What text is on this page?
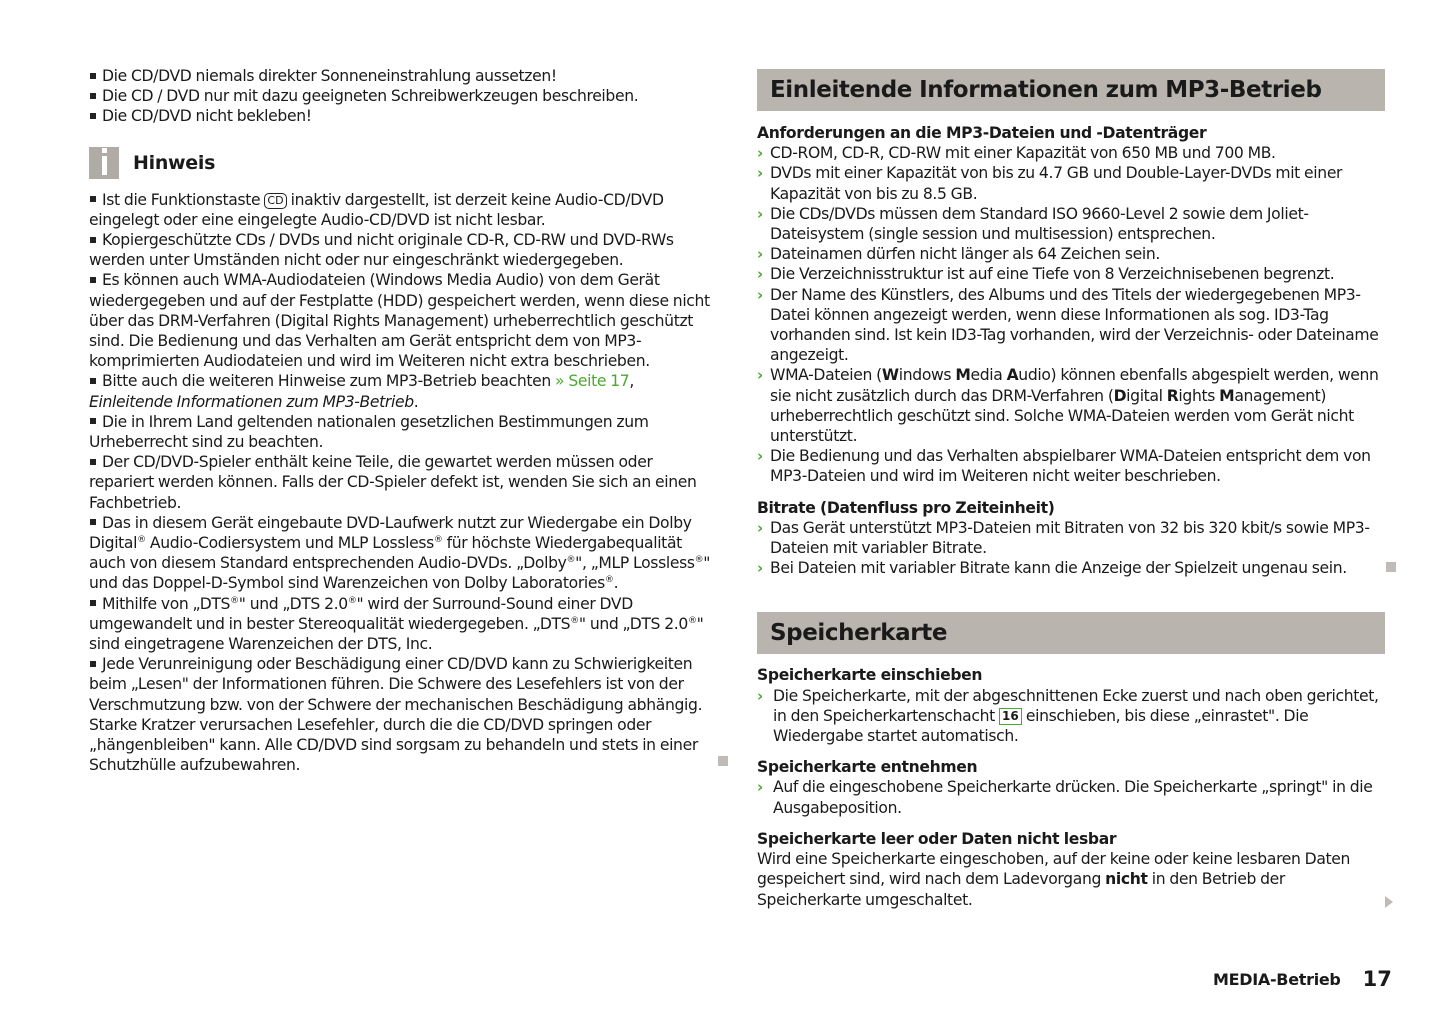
Die CD/DVD niemals direkter Sonneneinstrahlung aussetzen!

Die CD / DVD nur mit dazu geeigneten Schreibwerkzeugen beschreiben.

Die CD/DVD nicht bekleben!

Hinweis

Ist die Funktionstaste CD inaktiv dargestellt, ist derzeit keine Audio-CD/DVD eingelegt oder eine eingelegte Audio-CD/DVD ist nicht lesbar.

Kopiergeschützte CDs / DVDs und nicht originale CD-R, CD-RW und DVD-RWs werden unter Umständen nicht oder nur eingeschränkt wiedergegeben.

Es können auch WMA-Audiodateien (Windows Media Audio) von dem Gerät wiedergegeben und auf der Festplatte (HDD) gespeichert werden, wenn diese nicht über das DRM-Verfahren (Digital Rights Management) urheberrechtlich geschützt sind. Die Bedienung und das Verhalten am Gerät entspricht dem von MP3-komprimierten Audiodateien und wird im Weiteren nicht extra beschrieben.

Bitte auch die weiteren Hinweise zum MP3-Betrieb beachten » Seite 17, Einleitende Informationen zum MP3-Betrieb.

Die in Ihrem Land geltenden nationalen gesetzlichen Bestimmungen zum Urheberrecht sind zu beachten.

Der CD/DVD-Spieler enthält keine Teile, die gewartet werden müssen oder repariert werden können. Falls der CD-Spieler defekt ist, wenden Sie sich an einen Fachbetrieb.

Das in diesem Gerät eingebaute DVD-Laufwerk nutzt zur Wiedergabe ein Dolby Digital® Audio-Codiersystem und MLP Lossless® für höchste Wiedergabequalität auch von diesem Standard entsprechenden Audio-DVDs. „Dolby®", „MLP Lossless®" und das Doppel-D-Symbol sind Warenzeichen von Dolby Laboratories®.

Mithilfe von „DTS®" und „DTS 2.0®" wird der Surround-Sound einer DVD umgewandelt und in bester Stereoqualität wiedergegeben. „DTS®" und „DTS 2.0®" sind eingetragene Warenzeichen der DTS, Inc.

Jede Verunreinigung oder Beschädigung einer CD/DVD kann zu Schwierigkeiten beim „Lesen" der Informationen führen. Die Schwere des Lesefehlers ist von der Verschmutzung bzw. von der Schwere der mechanischen Beschädigung abhängig. Starke Kratzer verursachen Lesefehler, durch die die CD/DVD springen oder „hängenbleiben" kann. Alle CD/DVD sind sorgsam zu behandeln und stets in einer Schutzhülle aufzubewahren.

Einleitende Informationen zum MP3-Betrieb

Anforderungen an die MP3-Dateien und -Datenträger

› CD-ROM, CD-R, CD-RW mit einer Kapazität von 650 MB und 700 MB.
› DVDs mit einer Kapazität von bis zu 4.7 GB und Double-Layer-DVDs mit einer Kapazität von bis zu 8.5 GB.
› Die CDs/DVDs müssen dem Standard ISO 9660-Level 2 sowie dem Joliet-Dateisystem (single session und multisession) entsprechen.
› Dateinamen dürfen nicht länger als 64 Zeichen sein.
› Die Verzeichnisstruktur ist auf eine Tiefe von 8 Verzeichnisebenen begrenzt.
› Der Name des Künstlers, des Albums und des Titels der wiedergegebenen MP3-Datei können angezeigt werden, wenn diese Informationen als sog. ID3-Tag vorhanden sind. Ist kein ID3-Tag vorhanden, wird der Verzeichnis- oder Dateiname angezeigt.
› WMA-Dateien (Windows Media Audio) können ebenfalls abgespielt werden, wenn sie nicht zusätzlich durch das DRM-Verfahren (Digital Rights Management) urheberrechtlich geschützt sind. Solche WMA-Dateien werden vom Gerät nicht unterstützt.
› Die Bedienung und das Verhalten abspielbarer WMA-Dateien entspricht dem von MP3-Dateien und wird im Weiteren nicht weiter beschrieben.

Bitrate (Datenfluss pro Zeiteinheit)

› Das Gerät unterstützt MP3-Dateien mit Bitraten von 32 bis 320 kbit/s sowie MP3-Dateien mit variabler Bitrate.
› Bei Dateien mit variabler Bitrate kann die Anzeige der Spielzeit ungenau sein.
Speicherkarte

Speicherkarte einschieben

› Die Speicherkarte, mit der abgeschnittenen Ecke zuerst und nach oben gerichtet, in den Speicherkartenschacht 16 einschieben, bis diese „einrastet". Die Wiedergabe startet automatisch.

Speicherkarte entnehmen

› Auf die eingeschobene Speicherkarte drücken. Die Speicherkarte „springt" in die Ausgabeposition.

Speicherkarte leer oder Daten nicht lesbar

Wird eine Speicherkarte eingeschoben, auf der keine oder keine lesbaren Daten gespeichert sind, wird nach dem Ladevorgang nicht in den Betrieb der Speicherkarte umgeschaltet.

MEDIA-Betrieb 17
